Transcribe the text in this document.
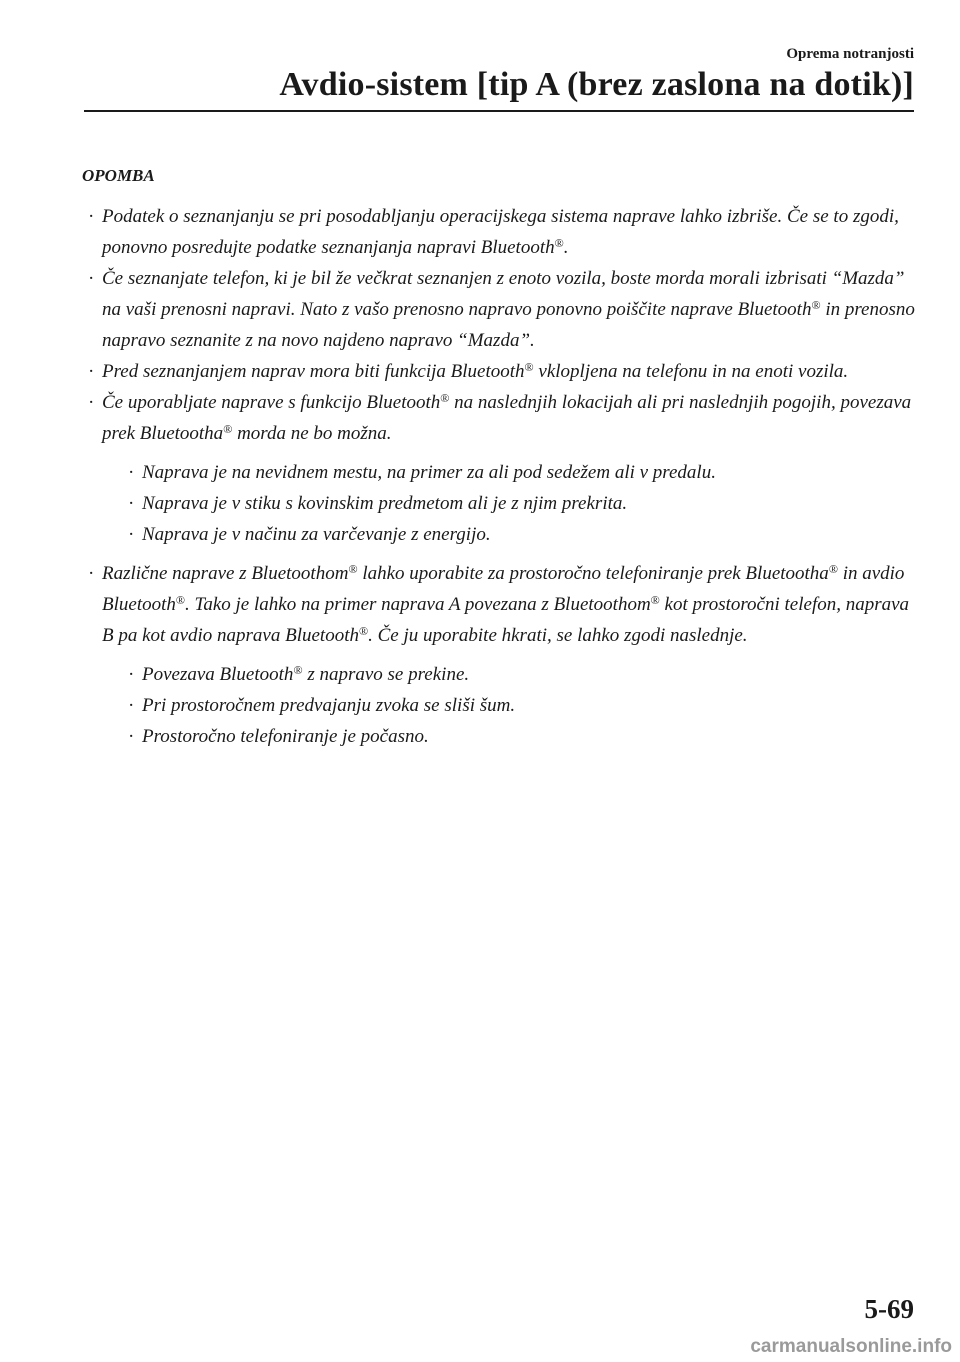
Oprema notranjosti
Avdio-sistem [tip A (brez zaslona na dotik)]
OPOMBA
· Podatek o seznanjanju se pri posodabljanju operacijskega sistema naprave lahko izbriše. Če se to zgodi, ponovno posredujte podatke seznanjanja napravi Bluetooth®.
· Če seznanjate telefon, ki je bil že večkrat seznanjen z enoto vozila, boste morda morali izbrisati “Mazda” na vaši prenosni napravi. Nato z vašo prenosno napravo ponovno poiščite naprave Bluetooth® in prenosno napravo seznanite z na novo najdeno napravo “Mazda”.
· Pred seznanjanjem naprav mora biti funkcija Bluetooth® vklopljena na telefonu in na enoti vozila.
· Če uporabljate naprave s funkcijo Bluetooth® na naslednjih lokacijah ali pri naslednjih pogojih, povezava prek Bluetootha® morda ne bo možna.
· Naprava je na nevidnem mestu, na primer za ali pod sedežem ali v predalu.
· Naprava je v stiku s kovinskim predmetom ali je z njim prekrita.
· Naprava je v načinu za varčevanje z energijo.
· Različne naprave z Bluetoothom® lahko uporabite za prostoročno telefoniranje prek Bluetootha® in avdio Bluetooth®. Tako je lahko na primer naprava A povezana z Bluetoothom® kot prostoročni telefon, naprava B pa kot avdio naprava Bluetooth®. Če ju uporabite hkrati, se lahko zgodi naslednje.
· Povezava Bluetooth® z napravo se prekine.
· Pri prostoročnem predvajanju zvoka se sliši šum.
· Prostoročno telefoniranje je počasno.
5-69
carmanualsonline.info
